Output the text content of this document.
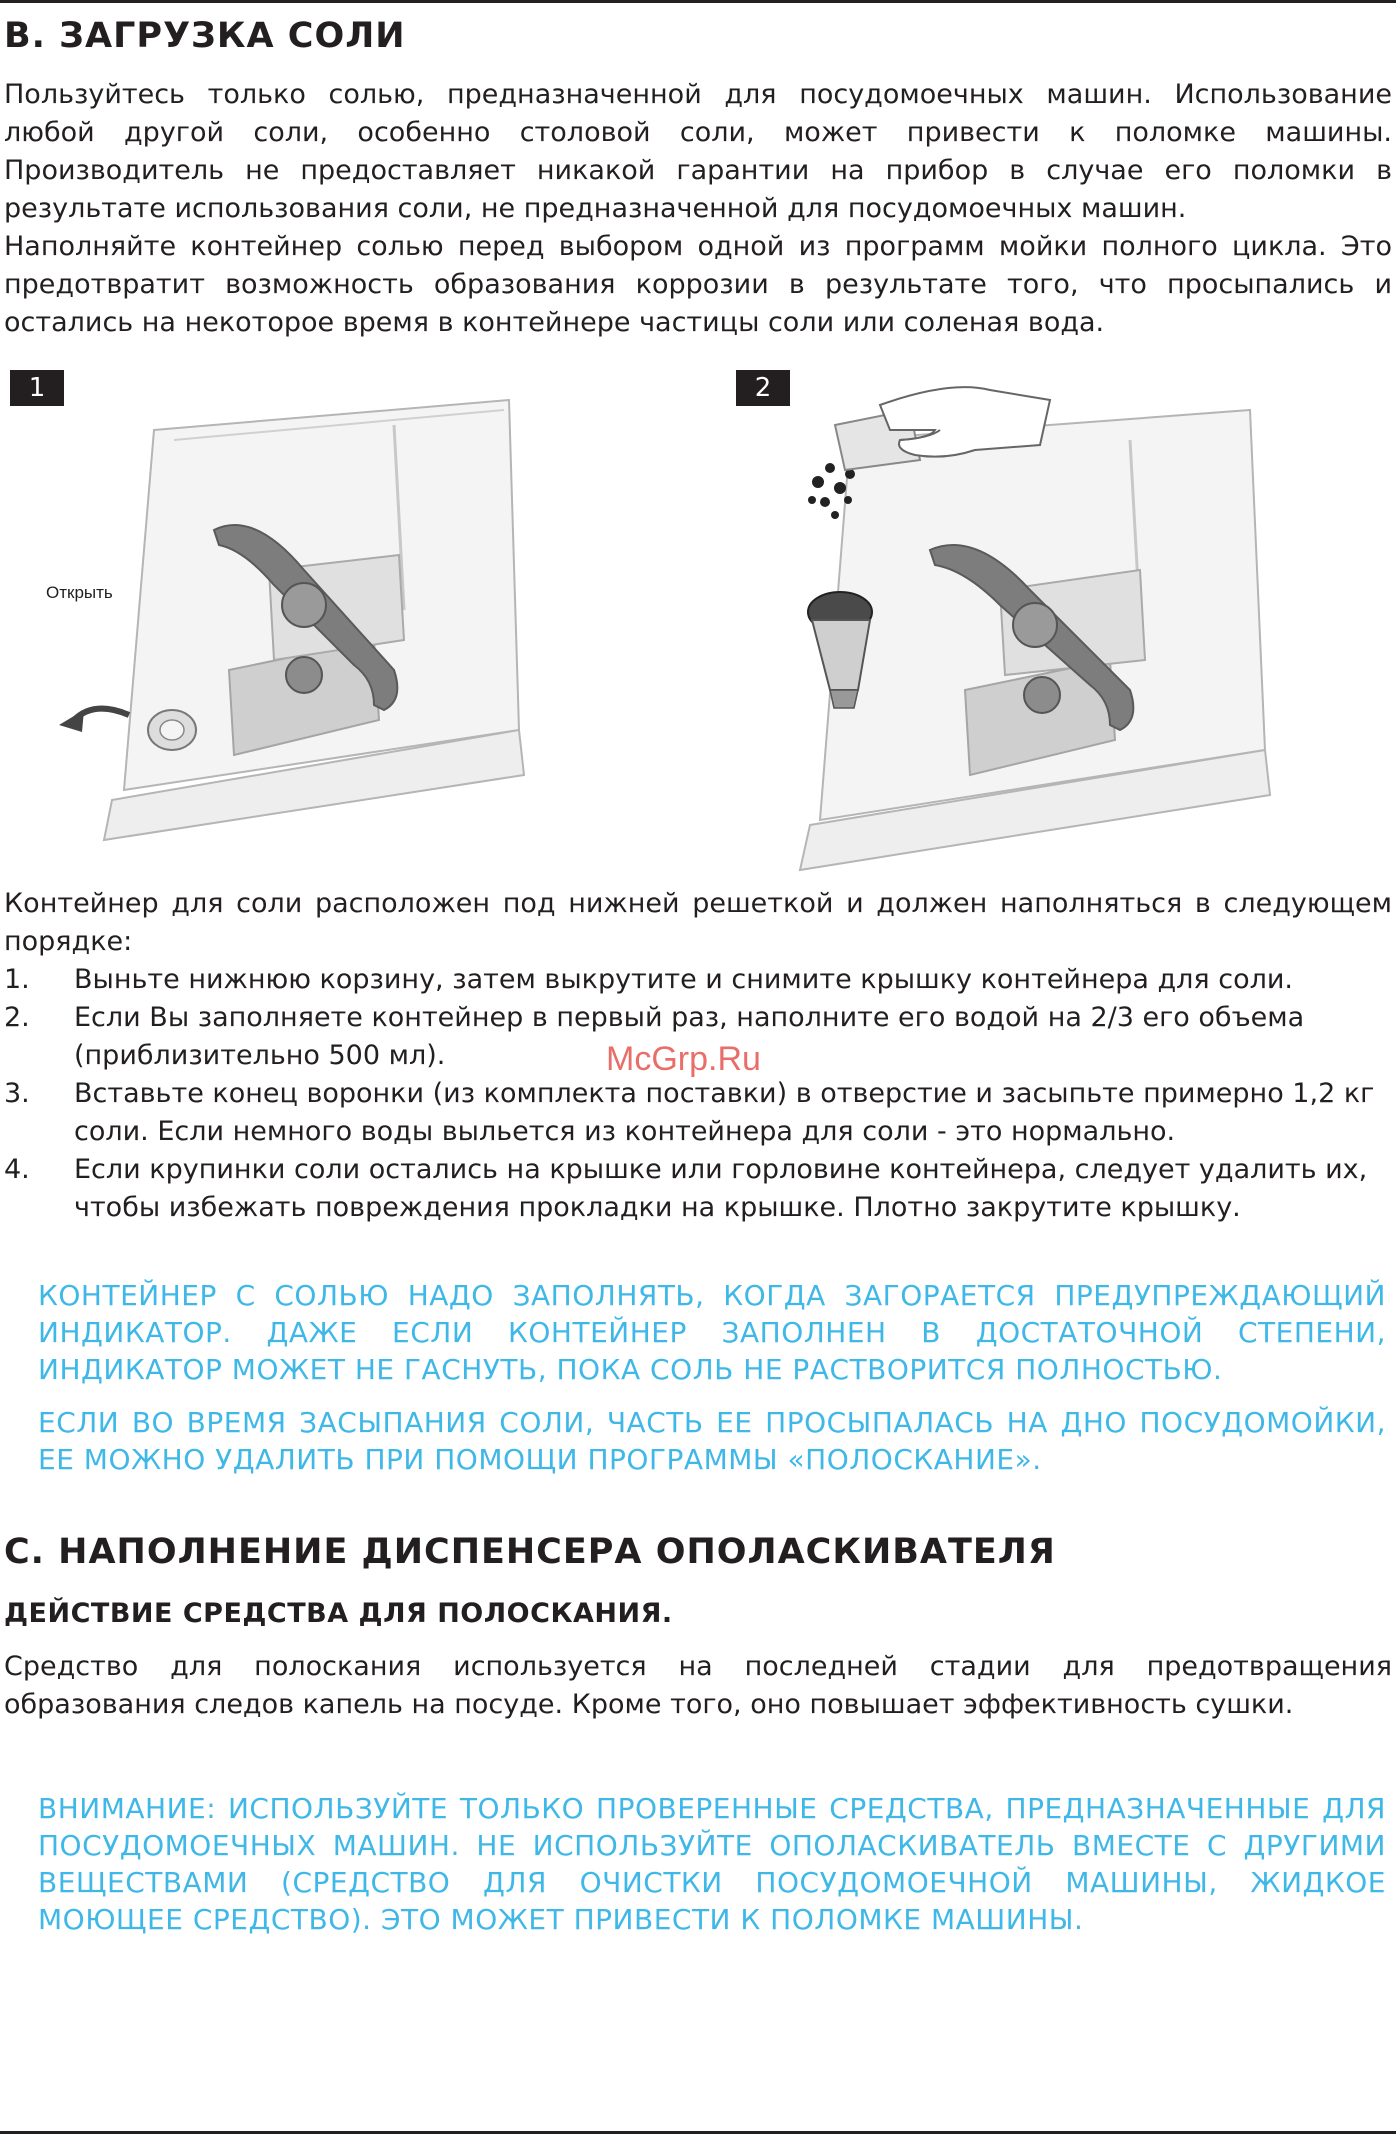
B. ЗАГРУЗКА СОЛИ

Пользуйтесь только солью, предназначенной для посудомоечных машин. Использование любой другой соли, особенно столовой соли, может привести к поломке машины. Производитель не предоставляет никакой гарантии на прибор в случае его поломки в результате использования соли, не предназначенной для посудомоечных машин.

Наполняйте контейнер солью перед выбором одной из программ мойки полного цикла. Это предотвратит возможность образования коррозии в результате того, что просыпались и остались на некоторое время в контейнере частицы соли или соленая вода.

Открыть
1	2

Контейнер для соли расположен под нижней решеткой и должен наполняться в следующем порядке:

1. Выньте нижнюю корзину, затем выкрутите и снимите крышку контейнера для соли.
2. Если Вы заполняете контейнер в первый раз, наполните его водой на 2/3 его объема (приблизительно 500 мл).
3. Вставьте конец воронки (из комплекта поставки) в отверстие и засыпьте примерно 1,2 кг соли. Если немного воды выльется из контейнера для соли - это нормально.
4. Если крупинки соли остались на крышке или горловине контейнера, следует удалить их, чтобы избежать повреждения прокладки на крышке. Плотно закрутите крышку.

КОНТЕЙНЕР С СОЛЬЮ НАДО ЗАПОЛНЯТЬ, КОГДА ЗАГОРАЕТСЯ ПРЕДУПРЕЖДАЮЩИЙ ИНДИКАТОР. ДАЖЕ ЕСЛИ КОНТЕЙНЕР ЗАПОЛНЕН В ДОСТАТОЧНОЙ СТЕПЕНИ, ИНДИКАТОР МОЖЕТ НЕ ГАСНУТЬ, ПОКА СОЛЬ НЕ РАСТВОРИТСЯ ПОЛНОСТЬЮ.

ЕСЛИ ВО ВРЕМЯ ЗАСЫПАНИЯ СОЛИ, ЧАСТЬ ЕЕ ПРОСЫПАЛАСЬ НА ДНО ПОСУДОМОЙКИ, ЕЕ МОЖНО УДАЛИТЬ ПРИ ПОМОЩИ ПРОГРАММЫ «ПОЛОСКАНИЕ».

C. НАПОЛНЕНИЕ ДИСПЕНСЕРА ОПОЛАСКИВАТЕЛЯ
ДЕЙСТВИЕ СРЕДСТВА ДЛЯ ПОЛОСКАНИЯ.

Средство для полоскания используется на последней стадии для предотвращения образования следов капель на посуде. Кроме того, оно повышает эффективность сушки.

ВНИМАНИЕ: ИСПОЛЬЗУЙТЕ ТОЛЬКО ПРОВЕРЕННЫЕ СРЕДСТВА, ПРЕДНАЗНАЧЕННЫЕ ДЛЯ ПОСУДОМОЕЧНЫХ МАШИН. НЕ ИСПОЛЬЗУЙТЕ ОПОЛАСКИВАТЕЛЬ ВМЕСТЕ С ДРУГИМИ ВЕЩЕСТВАМИ (СРЕДСТВО ДЛЯ ОЧИСТКИ ПОСУДОМОЕЧНОЙ МАШИНЫ, ЖИДКОЕ МОЮЩЕЕ СРЕДСТВО). ЭТО МОЖЕТ ПРИВЕСТИ К ПОЛОМКЕ МАШИНЫ.

McGrp.Ru
